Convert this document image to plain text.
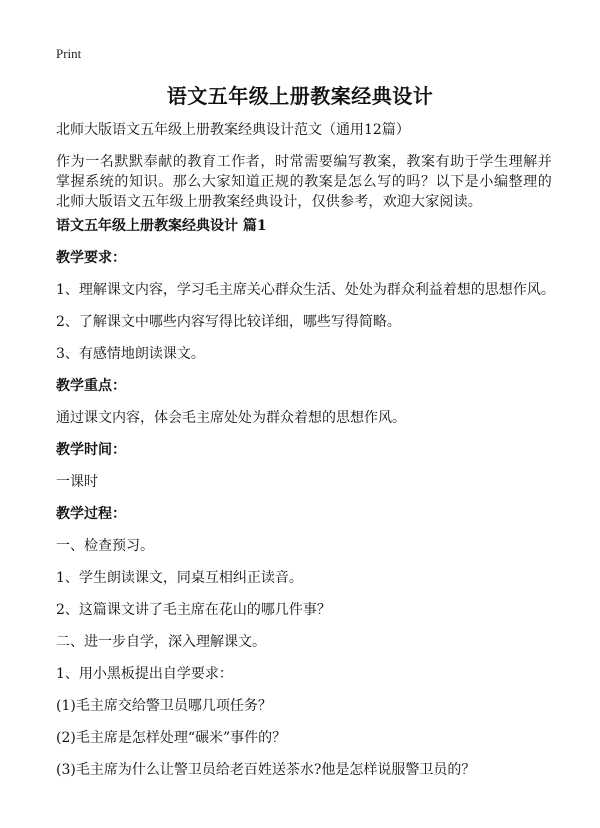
Print
语文五年级上册教案经典设计
北师大版语文五年级上册教案经典设计范文（通用12篇）
作为一名默默奉献的教育工作者，时常需要编写教案，教案有助于学生理解并掌握系统的知识。那么大家知道正规的教案是怎么写的吗？以下是小编整理的北师大版语文五年级上册教案经典设计，仅供参考，欢迎大家阅读。
语文五年级上册教案经典设计 篇1
教学要求：
1、理解课文内容，学习毛主席关心群众生活、处处为群众利益着想的思想作风。
2、了解课文中哪些内容写得比较详细，哪些写得简略。
3、有感情地朗读课文。
教学重点：
通过课文内容，体会毛主席处处为群众着想的思想作风。
教学时间：
一课时
教学过程：
一、检查预习。
1、学生朗读课文，同桌互相纠正读音。
2、这篇课文讲了毛主席在花山的哪几件事？
二、进一步自学，深入理解课文。
1、用小黑板提出自学要求：
(1)毛主席交给警卫员哪几项任务？
(2)毛主席是怎样处理“碾米”事件的？
(3)毛主席为什么让警卫员给老百姓送茶水?他是怎样说服警卫员的？
